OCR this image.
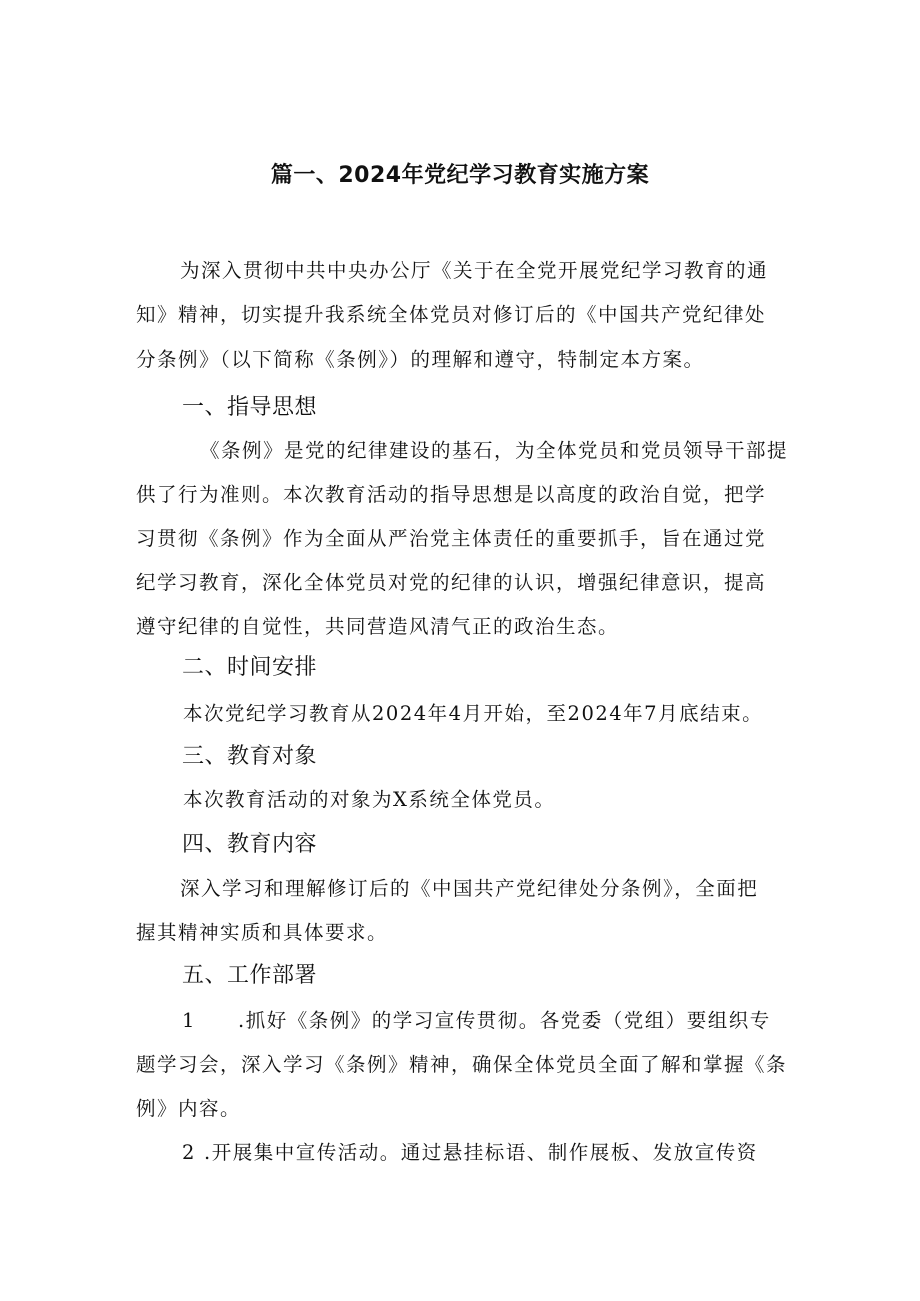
篇一、2024年党纪学习教育实施方案
为深入贯彻中共中央办公厅《关于在全党开展党纪学习教育的通
知》精神，切实提升我系统全体党员对修订后的《中国共产党纪律处
分条例》（以下简称《条例》）的理解和遵守，特制定本方案。
一、指导思想
《条例》是党的纪律建设的基石，为全体党员和党员领导干部提
供了行为准则。本次教育活动的指导思想是以高度的政治自觉，把学
习贯彻《条例》作为全面从严治党主体责任的重要抓手，旨在通过党
纪学习教育，深化全体党员对党的纪律的认识，增强纪律意识，提高
遵守纪律的自觉性，共同营造风清气正的政治生态。
二、时间安排
本次党纪学习教育从2024年4月开始，至2024年7月底结束。
三、教育对象
本次教育活动的对象为X系统全体党员。
四、教育内容
深入学习和理解修订后的《中国共产党纪律处分条例》，全面把
握其精神实质和具体要求。
五、工作部署
1 .抓好《条例》的学习宣传贯彻。各党委（党组）要组织专
题学习会，深入学习《条例》精神，确保全体党员全面了解和掌握《条
例》内容。
2 .开展集中宣传活动。通过悬挂标语、制作展板、发放宣传资
